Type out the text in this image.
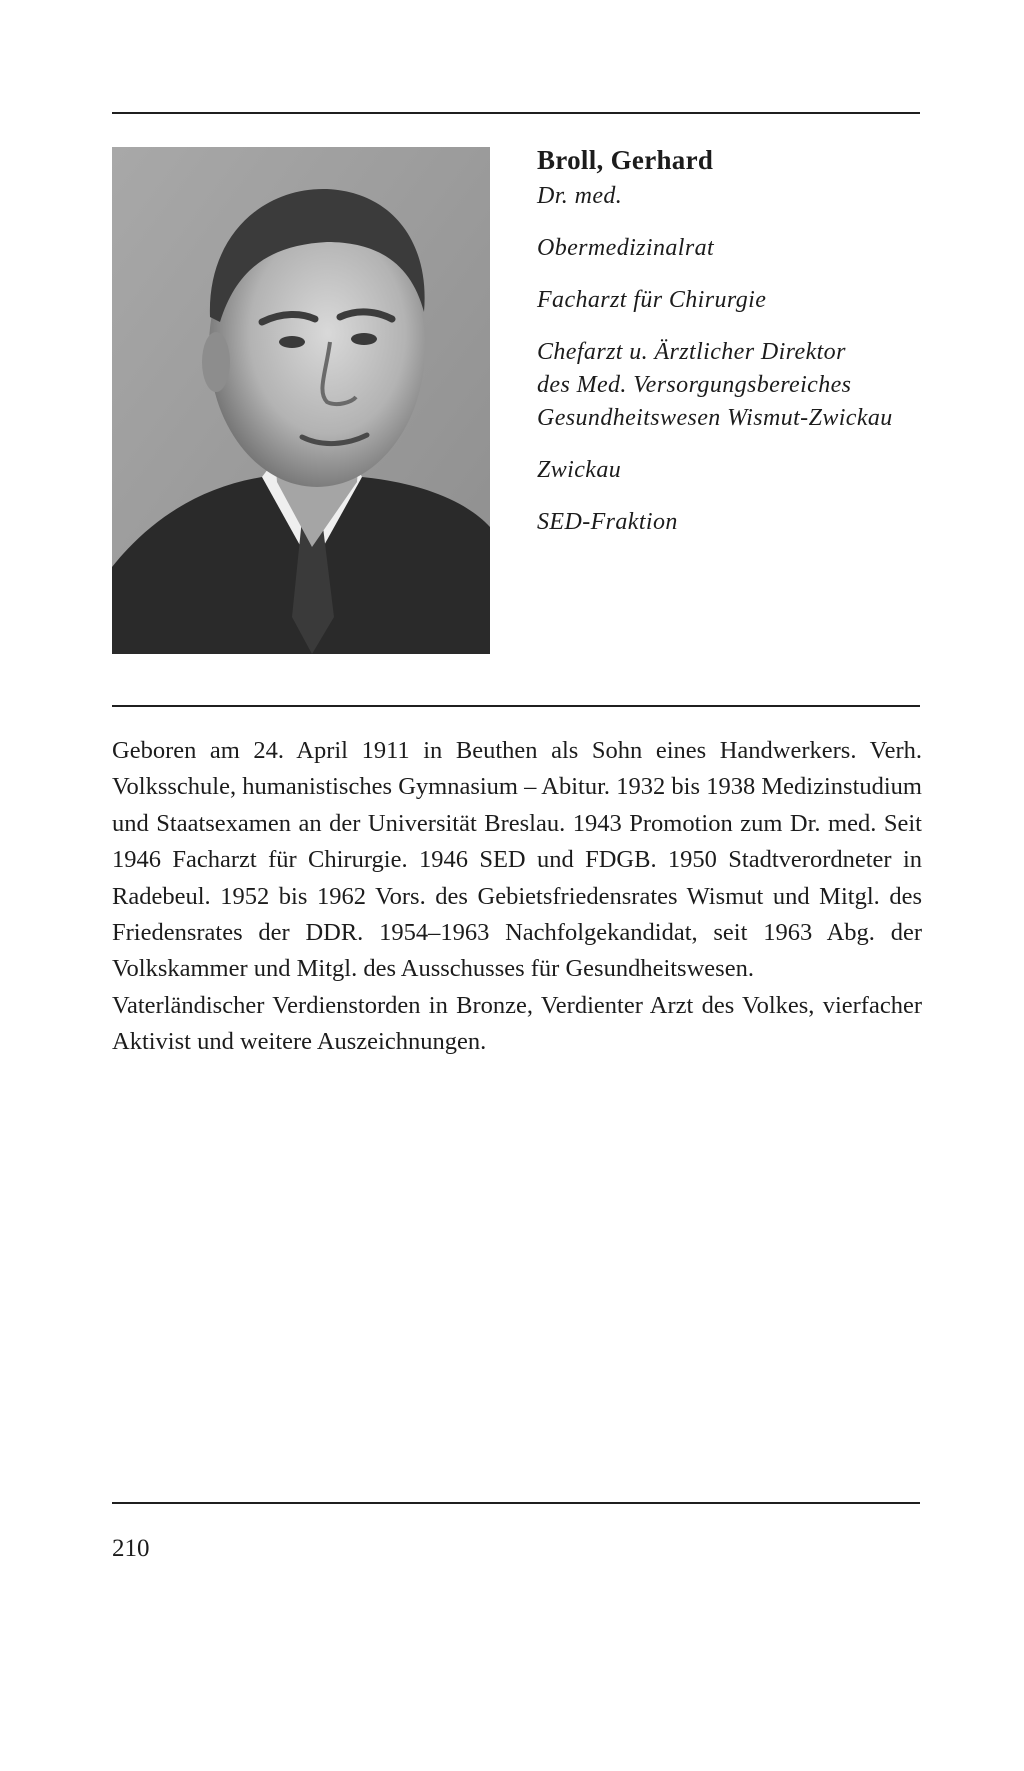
Broll, Gerhard
Dr. med.
Obermedizinalrat
Facharzt für Chirurgie
Chefarzt u. Ärztlicher Direktor
des Med. Versorgungsbereiches
Gesundheitswesen Wismut-Zwickau
Zwickau
SED-Fraktion

Geboren am 24. April 1911 in Beuthen als Sohn eines Handwerkers. Verh. Volksschule, humanistisches Gymnasium – Abitur. 1932 bis 1938 Medizinstudium und Staatsexamen an der Universität Breslau. 1943 Promotion zum Dr. med. Seit 1946 Facharzt für Chirurgie. 1946 SED und FDGB. 1950 Stadtverordneter in Radebeul. 1952 bis 1962 Vors. des Gebietsfriedensrates Wismut und Mitgl. des Friedensrates der DDR. 1954–1963 Nachfolgekandidat, seit 1963 Abg. der Volkskammer und Mitgl. des Ausschusses für Gesundheitswesen.

Vaterländischer Verdienstorden in Bronze, Verdienter Arzt des Volkes, vierfacher Aktivist und weitere Auszeichnungen.

210
